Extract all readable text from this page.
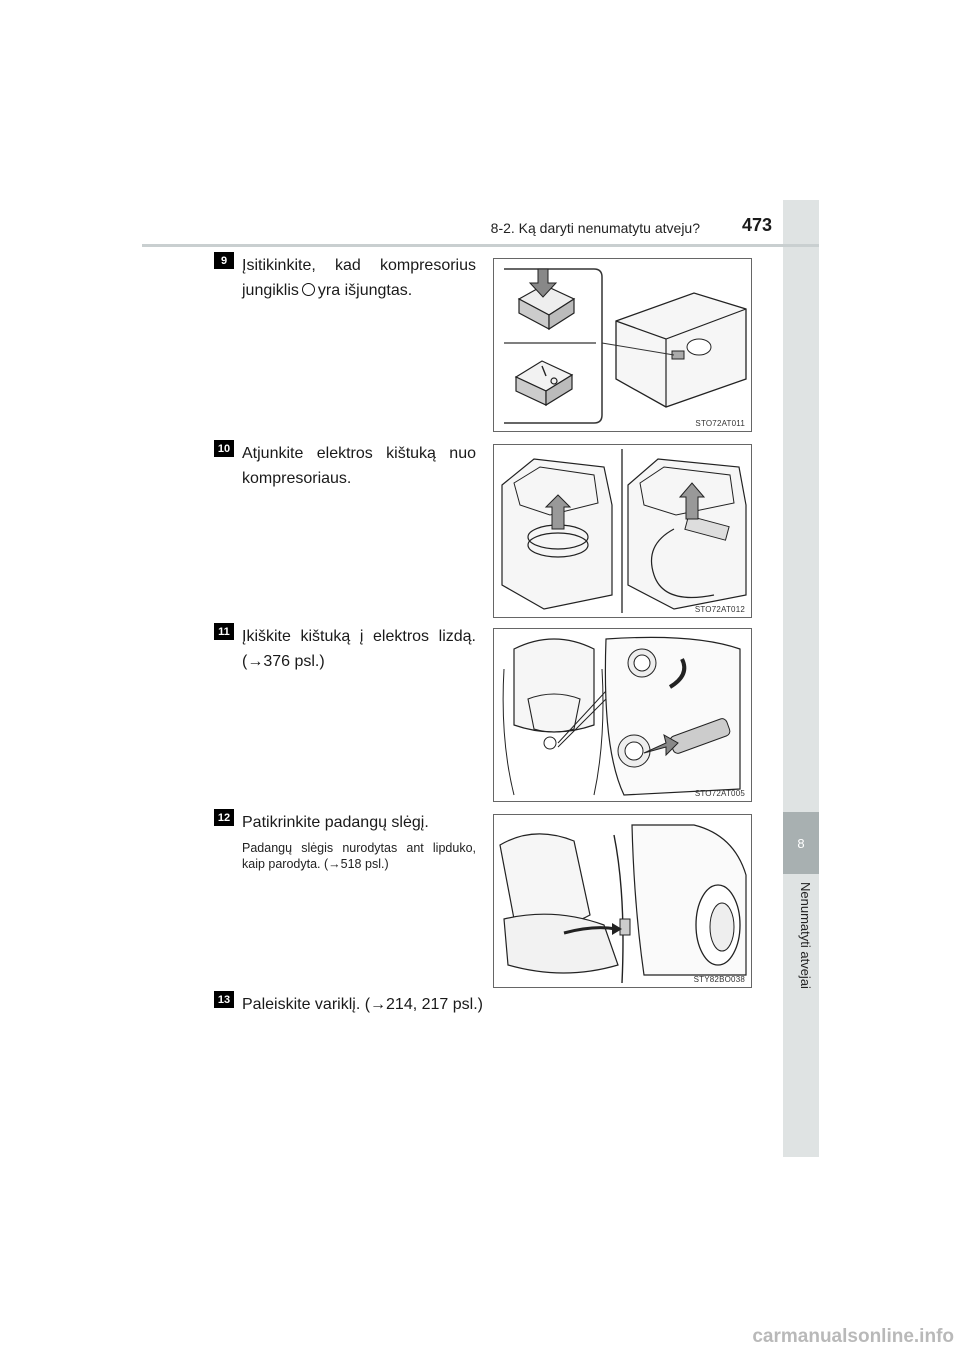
8
Nenumatyti atvejai
8-2. Ką daryti nenumatytu atveju?	473
9 Įsitikinkite, kad kompresorius jungiklis yra išjungtas.
STO72AT011
10 Atjunkite elektros kištuką nuo kompresoriaus.
STO72AT012
11 Įkiškite kištuką į elektros lizdą. (→376 psl.)
STO72AT005
12 Patikrinkite padangų slėgį.
Padangų slėgis nurodytas ant lipduko, kaip parodyta. (→518 psl.)
STY82BO038
13 Paleiskite variklį. (→214, 217 psl.)
carmanualsonline.info
